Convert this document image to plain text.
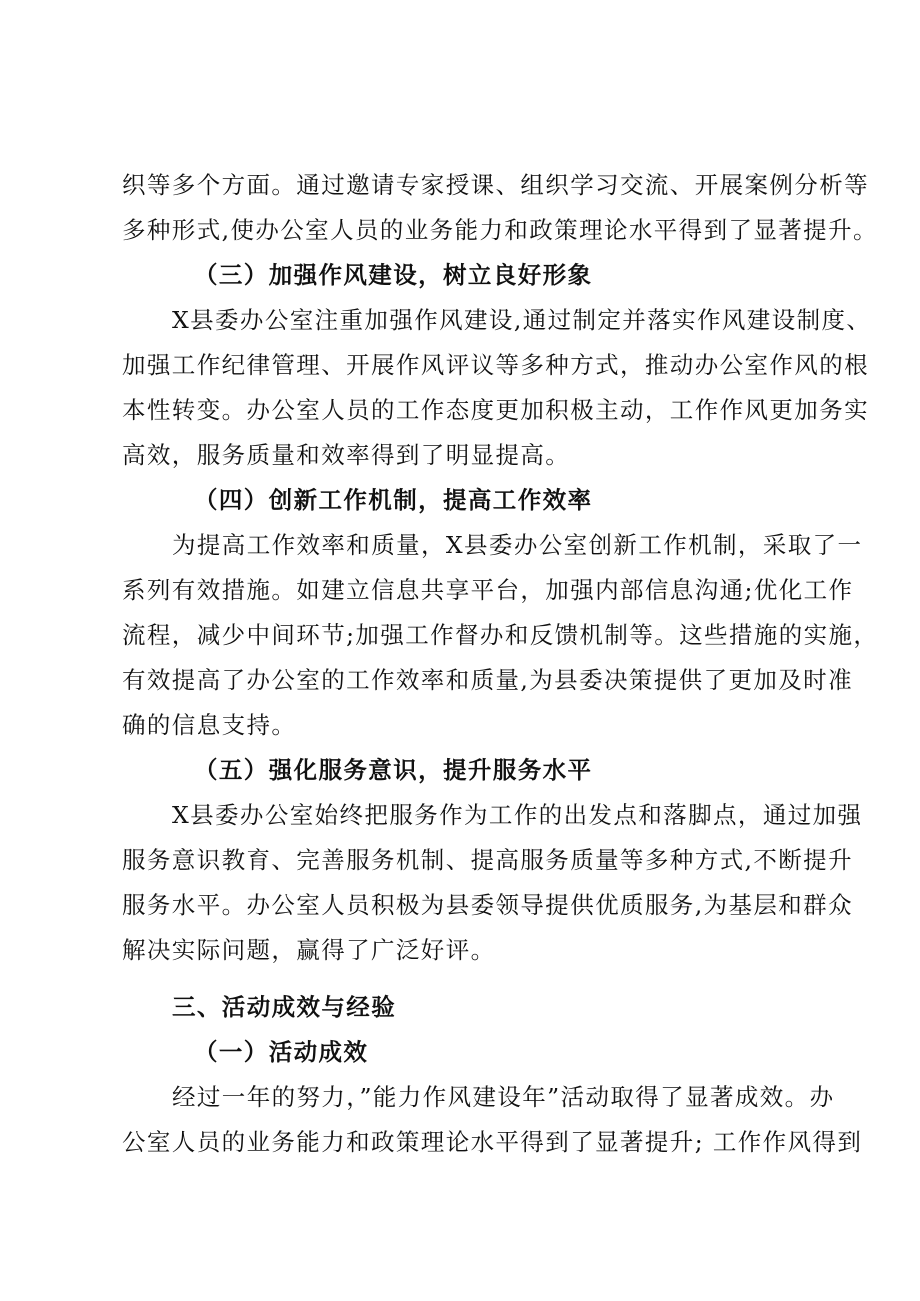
织等多个方面。通过邀请专家授课、组织学习交流、开展案例分析等
多种形式,使办公室人员的业务能力和政策理论水平得到了显著提升。
（三）加强作风建设，树立良好形象
X县委办公室注重加强作风建设,通过制定并落实作风建设制度、
加强工作纪律管理、开展作风评议等多种方式，推动办公室作风的根
本性转变。办公室人员的工作态度更加积极主动，工作作风更加务实
高效，服务质量和效率得到了明显提高。
（四）创新工作机制，提高工作效率
为提高工作效率和质量，X县委办公室创新工作机制，采取了一
系列有效措施。如建立信息共享平台，加强内部信息沟通;优化工作
流程，减少中间环节;加强工作督办和反馈机制等。这些措施的实施，
有效提高了办公室的工作效率和质量,为县委决策提供了更加及时准
确的信息支持。
（五）强化服务意识，提升服务水平
X县委办公室始终把服务作为工作的出发点和落脚点，通过加强
服务意识教育、完善服务机制、提高服务质量等多种方式,不断提升
服务水平。办公室人员积极为县委领导提供优质服务,为基层和群众
解决实际问题，赢得了广泛好评。
三、活动成效与经验
（一）活动成效
经过一年的努力，”能力作风建设年”活动取得了显著成效。办
公室人员的业务能力和政策理论水平得到了显著提升; 工作作风得到
